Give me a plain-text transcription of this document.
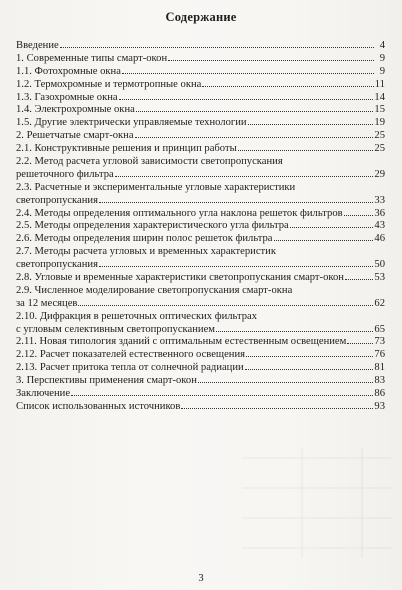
Содержание
Введение	4
1. Современные типы смарт-окон	9
1.1. Фотохромные окна	9
1.2. Термохромные и термотропные окна	11
1.3. Газохромные окна	14
1.4. Электрохромные окна	15
1.5. Другие электрически управляемые технологии	19
2. Решетчатые смарт-окна	25
2.1. Конструктивные решения и принцип работы	25
2.2. Метод расчета угловой зависимости светопропускания
решеточного фильтра	29
2.3. Расчетные и экспериментальные угловые характеристики
светопропускания	33
2.4. Методы определения оптимального угла наклона решеток фильтров	36
2.5. Методы определения характеристического угла фильтра	43
2.6. Методы определения ширин полос решеток фильтра	46
2.7. Методы расчета угловых и временных характеристик
светопропускания	50
2.8. Угловые и временные характеристики светопропускания смарт-окон	53
2.9. Численное моделирование светопропускания смарт-окна
за 12 месяцев	62
2.10. Дифракция в решеточных оптических фильтрах
с угловым селективным светопропусканием	65
2.11. Новая типология зданий с оптимальным естественным освещением	73
2.12. Расчет показателей естественного освещения	76
2.13. Расчет притока тепла от солнечной радиации	81
3. Перспективы применения смарт-окон	83
Заключение	86
Список использованных источников	93
3
